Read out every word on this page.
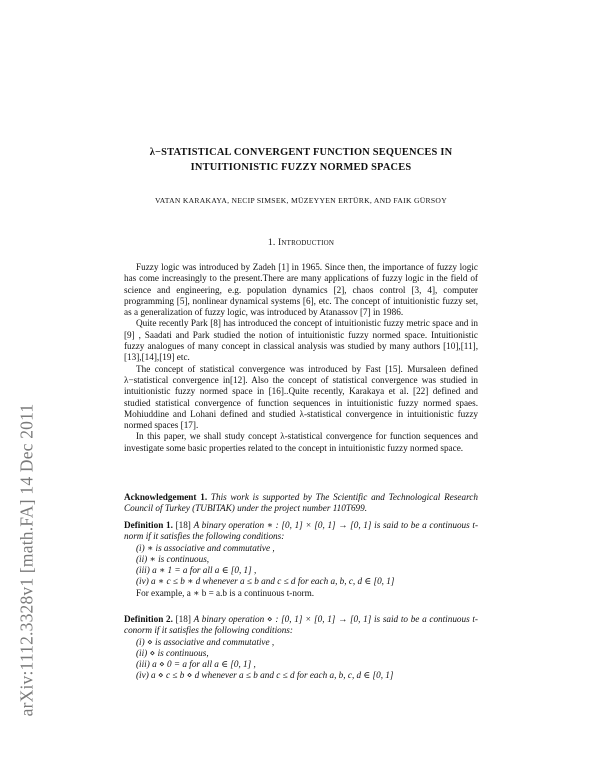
arXiv:1112.3328v1 [math.FA] 14 Dec 2011
λ−STATISTICAL CONVERGENT FUNCTION SEQUENCES IN
INTUITIONISTIC FUZZY NORMED SPACES
VATAN KARAKAYA, NECIP SIMSEK, MÜZEYYEN ERTÜRK, AND FAIK GÜRSOY
1. Introduction

Fuzzy logic was introduced by Zadeh [1] in 1965. Since then, the importance of fuzzy logic has come increasingly to the present.There are many applications of fuzzy logic in the field of science and engineering, e.g. population dynamics [2], chaos control [3, 4], computer programming [5], nonlinear dynamical systems [6], etc. The concept of intuitionistic fuzzy set, as a generalization of fuzzy logic, was introduced by Atanassov [7] in 1986.

Quite recently Park [8] has introduced the concept of intuitionistic fuzzy metric space and in [9] , Saadati and Park studied the notion of intuitionistic fuzzy normed space. Intuitionistic fuzzy analogues of many concept in classical analysis was studied by many authors [10],[11],[13],[14],[19] etc.

The concept of statistical convergence was introduced by Fast [15]. Mursaleen defined λ−statistical convergence in[12]. Also the concept of statistical convergence was studied in intuitionistic fuzzy normed space in [16]..Quite recently, Karakaya et al. [22] defined and studied statistical convergence of function sequences in intuitionistic fuzzy normed spaes. Mohiuddine and Lohani defined and studied λ-statistical convergence in intuitionistic fuzzy normed spaces [17].

In this paper, we shall study concept λ-statistical convergence for function sequences and investigate some basic properties related to the concept in intuitionistic fuzzy normed space.

Acknowledgement 1. This work is supported by The Scientific and Technological Research Council of Turkey (TUBITAK) under the project number 110T699.

Definition 1. [18] A binary operation ∗ : [0, 1] × [0, 1] → [0, 1] is said to be a continuous t-norm if it satisfies the following conditions:

(i) ∗ is associative and commutative ,
(ii) ∗ is continuous,
(iii) a ∗ 1 = a for all a ∈ [0, 1] ,
(iv) a ∗ c ≤ b ∗ d whenever a ≤ b and c ≤ d for each a, b, c, d ∈ [0, 1]

For example, a ∗ b = a.b is a continuous t-norm.

Definition 2. [18] A binary operation ⋄ : [0, 1] × [0, 1] → [0, 1] is said to be a continuous t-conorm if it satisfies the following conditions:

(i) ⋄ is associative and commutative ,
(ii) ⋄ is continuous,
(iii) a ⋄ 0 = a for all a ∈ [0, 1] ,
(iv) a ⋄ c ≤ b ⋄ d whenever a ≤ b and c ≤ d for each a, b, c, d ∈ [0, 1]
